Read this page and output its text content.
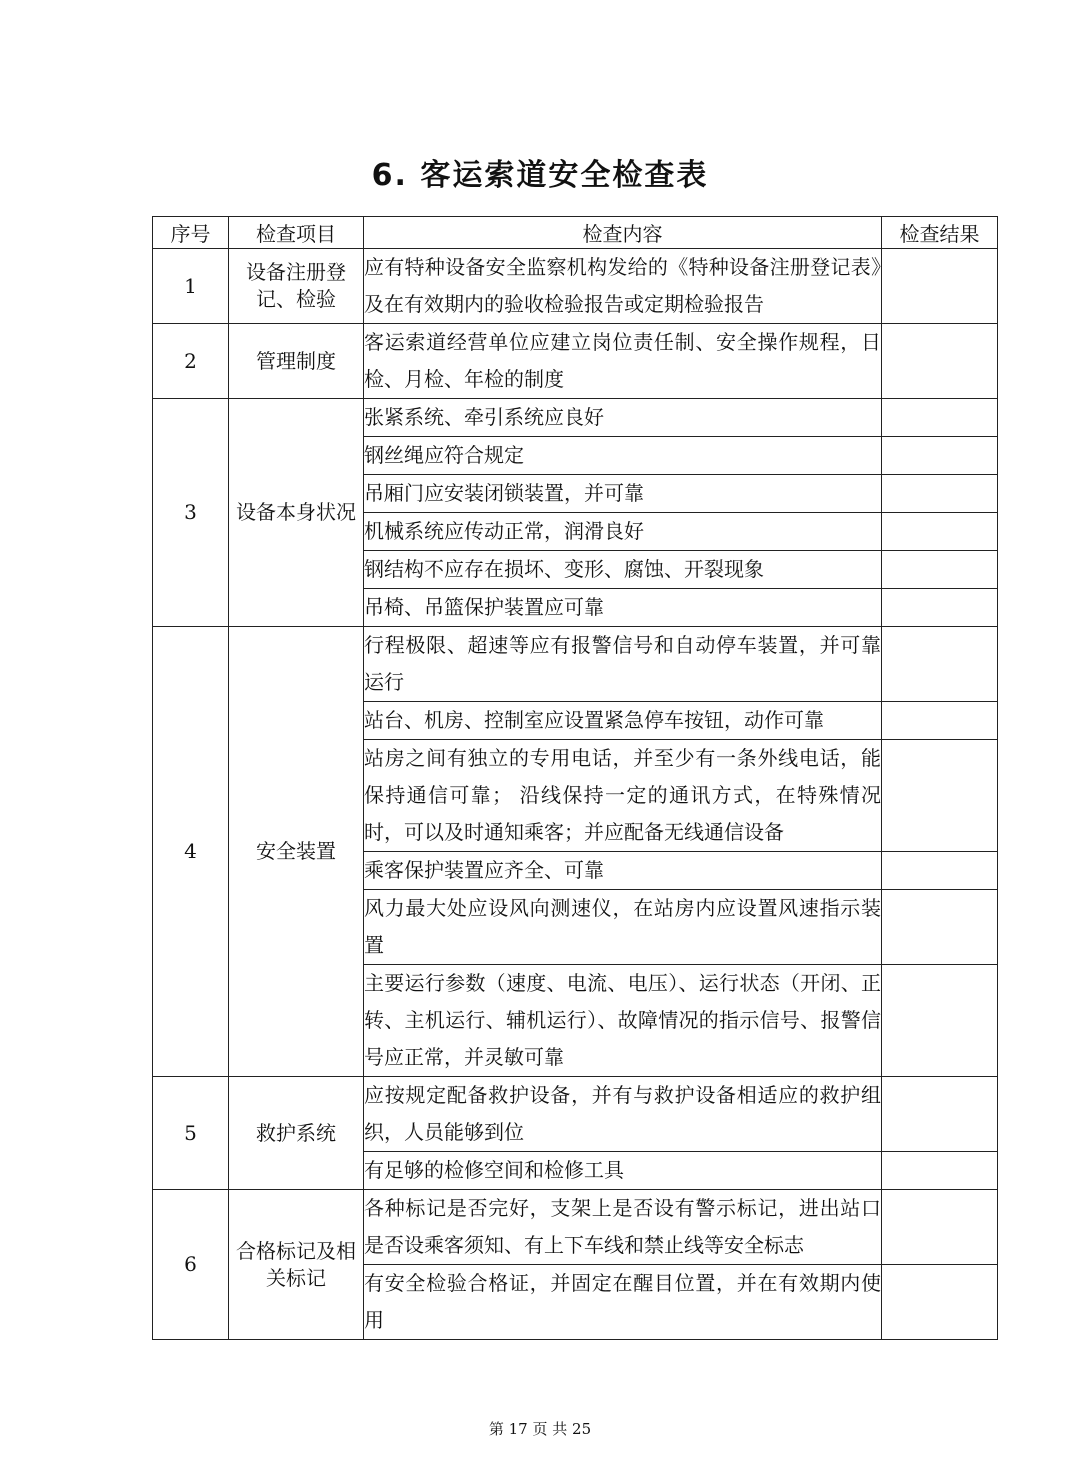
6. 客运索道安全检查表
序号	检查项目	检查内容	检查结果
1	设备注册登记、检验	应有特种设备安全监察机构发给的《特种设备注册登记表》及在有效期内的验收检验报告或定期检验报告	
2	管理制度	客运索道经营单位应建立岗位责任制、安全操作规程，日检、月检、年检的制度	
3	设备本身状况	张紧系统、牵引系统应良好	
		钢丝绳应符合规定	
		吊厢门应安装闭锁装置，并可靠	
		机械系统应传动正常，润滑良好	
		钢结构不应存在损坏、变形、腐蚀、开裂现象	
		吊椅、吊篮保护装置应可靠	
4	安全装置	行程极限、超速等应有报警信号和自动停车装置，并可靠运行	
		站台、机房、控制室应设置紧急停车按钮，动作可靠	
		站房之间有独立的专用电话，并至少有一条外线电话，能保持通信可靠； 沿线保持一定的通讯方式，在特殊情况时，可以及时通知乘客；并应配备无线通信设备	
		乘客保护装置应齐全、可靠	
		风力最大处应设风向测速仪，在站房内应设置风速指示装置	
		主要运行参数（速度、电流、电压）、运行状态（开闭、正转、主机运行、辅机运行）、故障情况的指示信号、报警信号应正常，并灵敏可靠	
5	救护系统	应按规定配备救护设备，并有与救护设备相适应的救护组织，人员能够到位	
		有足够的检修空间和检修工具	
6	合格标记及相关标记	各种标记是否完好，支架上是否设有警示标记，进出站口是否设乘客须知、有上下车线和禁止线等安全标志	
		有安全检验合格证，并固定在醒目位置，并在有效期内使用	
第 17 页 共 25
